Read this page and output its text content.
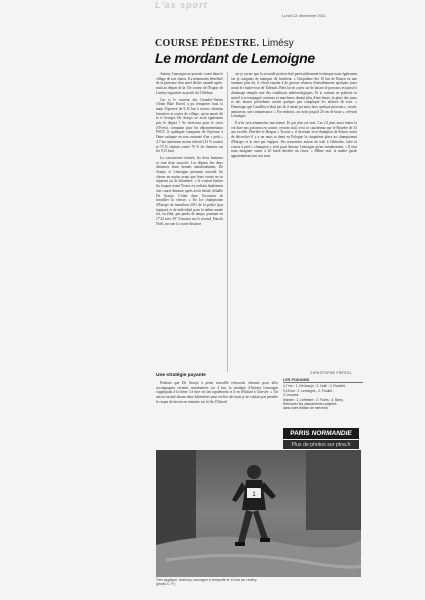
L'as sport
Lundi 12 décembre 2011
COURSE PÉDESTRE. Limésy
Le mordant de Lemoigne

Antony Lemoigne ne pouvait courir dans le village de son chœur. Il a néanmoins bénéficié de la présence d'un autel lâches samedi après-midi au départ de la 15e course de l'Espoir de Liméry organisée au profit du Téléthon.

Car si le coureur des Grandes-Ventes (Team Bike Envir) a pu remporter haut la main l'épreuve de 9,15 km à travers chemins forestiers et routes de village, qu'on aurait dit et à Georges De Araujo on avait également pris le départ ? Se réservant pour le cross d'Yvetot, comptant pour les départementaux FSGT, le quintuple vainqueur de l'épreuve à l'âme caduque en sera contenté d'un « petit » 4,7 km autrement moins sélectif (32 % routes) et 70 % chemin contre 70 % de chemins sur les 9,15 km).

La concurrence écartée, les deux hommes se sont donc associés. Les départs des deux distances étant donnés simultanément, De Araujo et Lemoigne prennent aussitôt les choses en mains avant que leurs routes ne se séparent au 3e kilomètre. « Je voulais limiter les risques avant Yvetot en rochant finalement une courte distance après avoir hésité, détaille De Araujo. C'était donc l'occasion de travailler la vitesse. » En 1re championne d'Europe de marathon 2011 de la police (par équipes) et de individuel pour la même année n'a, en effet, pas perdu de temps, pointant en 17'24 avec 39" d'avance sur le second, Patrick Noël, sur une si courte distance.

car je savais que la seconde portion était particulièrement technique mais également car je craignais de manquer de fraîcheur. » Cinquième des 10 km de Rouen en une semaine plus tôt, il s'était ensuite à de grosses séances d'entraînement quelques jours avant le coudre-tour de Tafenais. Bien lui en a pris car de laisser le parcours est passé à dommage remplie une des conditions météorologiques. Et si comme ne prétexte se suiteil à accompagné coureurs et marcheurs durant plus d'une heure, la pluie des jours et des heures précédente savent quelque peu compliqué les affaires de tous. « Dommage que Candélos n'était pas là, il aurait pu nous faire quelque pression », sourit, amoureux, une connaissance. « Par endroits, on avait jusqu'à 20 cm de boue », relevait Lemoigne.

Il n'en sera néanmoins sanctionné. Et qui plus est seul. Car s'il peut aussi tenter la vie dure aux poissons en course, vestons trail, n'est ce cauchemar que le Bruyère de 33 ans excelle. Derrière le Bragoz « Tyroirs », il devenait vice-champion de France avant de décrocher il y a un mois et demi en Pologne la cinquième place au championnat d'Europe et le titre par équipes. Ses rencontres autour du trail à l'altitudes, faire la course à pied « champion » n'est pour Antony Lemoigne qu'un entraînement. « Il faut nous imaginer courir à 20 km/h derrière un choix. » Même seul, le maître garde apparemment tout son sens.

Une stratégie payante	CHRISTOPHE FRÉSOL

Pendant que De Araujo à peine essoufflé retrouvait chemise pour aller accompagner certains retardataires sur 4 km, la stratégie d'Antony Lemoigne s'appliquait à la lettre. Le titre est fait rapidement et il en félicitait à l'arrivée. « J'ai encore insisté durant deux kilomètres pour en être sûr mais je ne voulais pas prendre le risque de devoir en remettre sur la fin. D'abord

LES PODIUMS
4,7 km : 1. De Araujo ; 2. Noël ; 3. Rondeil.
9,15 km : 1. Lemoigne ; 2. Fouilet ;
3. Lesueur.
Marche : 1. Lefebvre ; 2. Fuchs ; 3. Barry.
Retrouvez les classements complets
dans notre édition de mercredi.
PARIS NORMANDIE
Plus de photos sur ptna.fr
1
Très appliqué, Anthony Lemoigne a remporté le 10 km de Liméry.
(photo C. F.)
